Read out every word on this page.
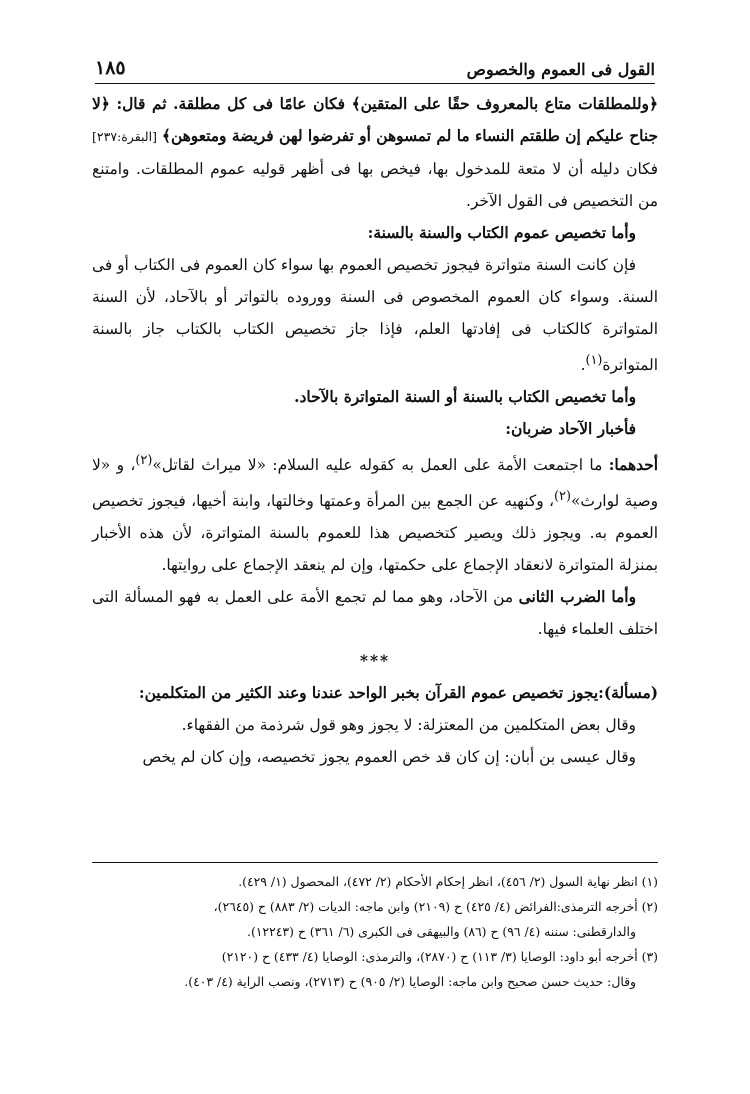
القول فى العموم والخصوص
١٨٥

﴿وللمطلقات متاع بالمعروف حقًا على المتقين﴾ فكان عامًا فى كل مطلقة. ثم قال: ﴿لا جناح عليكم إن طلقتم النساء ما لم تمسوهن أو تفرضوا لهن فريضة ومتعوهن﴾ [البقرة:٢٣٧] فكان دليله أن لا متعة للمدخول بها، فيخص بها فى أظهر قوليه عموم المطلقات. وامتنع من التخصيص فى القول الآخر.

وأما تخصيص عموم الكتاب والسنة بالسنة:

فإن كانت السنة متواترة فيجوز تخصيص العموم بها سواء كان العموم فى الكتاب أو فى السنة. وسواء كان العموم المخصوص فى السنة ووروده بالتواتر أو بالآحاد، لأن السنة المتواترة كالكتاب فى إفادتها العلم، فإذا جاز تخصيص الكتاب بالكتاب جاز بالسنة المتواترة$^{(١)}$.

وأما تخصيص الكتاب بالسنة أو السنة المتواترة بالآحاد.

فأخبار الآحاد ضربان:

أحدهما: ما اجتمعت الأمة على العمل به كقوله عليه السلام: «لا ميراث لقاتل»$^{(٢)}$، و «لا وصية لوارث»$^{(٢)}$، وكنهيه عن الجمع بين المرأة وعمتها وخالتها، وابنة أخيها، فيجوز تخصيص العموم به. ويجوز ذلك ويصير كتخصيص هذا للعموم بالسنة المتواترة، لأن هذه الأخبار بمنزلة المتواترة لانعقاد الإجماع على حكمتها، وإن لم ينعقد الإجماع على روايتها.

وأما الضرب الثانى من الآحاد، وهو مما لم تجمع الأمة على العمل به فهو المسألة التى اختلف العلماء فيها.

***

(مسألة):يجوز تخصيص عموم القرآن بخبر الواحد عندنا وعند الكثير من المتكلمين:

وقال بعض المتكلمين من المعتزلة: لا يجوز وهو قول شرذمة من الفقهاء.

وقال عيسى بن أبان: إن كان قد خص العموم يجوز تخصيصه، وإن كان لم يخص

(١) انظر نهاية السول (٢/ ٤٥٦)، انظر إحكام الأحكام (٢/ ٤٧٢)، المحصول (١/ ٤٢٩).

(٢) أخرجه الترمذى:الفرائض (٤/ ٤٢٥) ح (٢١٠٩) وابن ماجه: الديات (٢/ ٨٨٣) ح (٢٦٤٥)،

والدارقطنى: سننه (٤/ ٩٦) ح (٨٦) والبيهقى فى الكبرى (٦/ ٣٦١) ح (١٢٢٤٣).

(٣) أخرجه أبو داود: الوصايا (٣/ ١١٣) ح (٢٨٧٠)، والترمذى: الوصايا (٤/ ٤٣٣) ح (٢١٢٠)

وقال: حديث حسن صحيح وابن ماجه: الوصايا (٢/ ٩٠٥) ح (٢٧١٣)، ونصب الراية (٤/ ٤٠٣).
